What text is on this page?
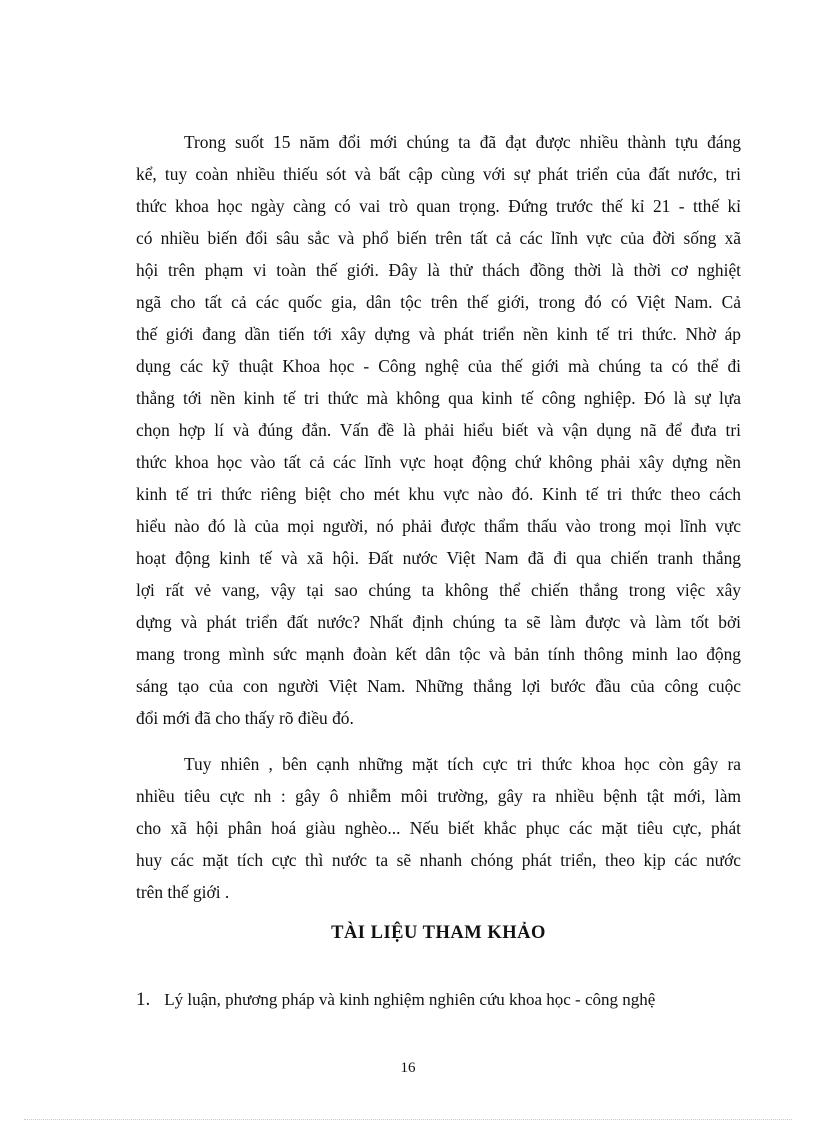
Trong suốt 15 năm đổi mới chúng ta đã đạt được nhiều thành tựu đáng
kể, tuy coàn nhiều thiếu sót và bất cập cùng với sự phát triển của đất nước, tri
thức khoa học ngày càng có vai trò quan trọng. Đứng trước thế kỉ 21 - tthế kỉ
có nhiều biến đổi sâu sắc và phổ biến trên tất cả các lĩnh vực của đời sống xã
hội trên phạm vi toàn thế giới. Đây là thử thách đồng thời là thời cơ nghiệt
ngã cho tất cả các quốc gia, dân tộc trên thế giới, trong đó có Việt Nam. Cả
thế giới đang dần tiến tới xây dựng và phát triển nền kinh tế tri thức. Nhờ áp
dụng các kỹ thuật Khoa học - Công nghệ của thế giới mà chúng ta có thể đi
thẳng tới nền kinh tế tri thức mà không qua kinh tế công nghiệp. Đó là sự lựa
chọn hợp lí và đúng đắn. Vấn đề là phải hiểu biết và vận dụng nã để đưa tri
thức khoa học vào tất cả các lĩnh vực hoạt động chứ không phải xây dựng nền
kinh tế tri thức riêng biệt cho mét khu vực nào đó. Kinh tế tri thức theo cách
hiểu nào đó là của mọi người, nó phải được thẩm thấu vào trong mọi lĩnh vực
hoạt động kinh tế và xã hội. Đất nước Việt Nam đã đi qua chiến tranh thắng
lợi rất vẻ vang, vậy tại sao chúng ta không thể chiến thắng trong việc xây
dựng và phát triển đất nước? Nhất định chúng ta sẽ làm được và làm tốt bởi
mang trong mình sức mạnh đoàn kết dân tộc và bản tính thông minh lao động
sáng tạo của con người Việt Nam. Những thắng lợi bước đầu của công cuộc
đổi mới đã cho thấy rõ điều đó.
Tuy nhiên , bên cạnh những mặt tích cực tri thức khoa học còn gây ra
nhiều tiêu cực nh : gây ô nhiễm môi trường, gây ra nhiều bệnh tật mới, làm
cho xã hội phân hoá giàu nghèo... Nếu biết khắc phục các mặt tiêu cực, phát
huy các mặt tích cực thì nước ta sẽ nhanh chóng phát triển, theo kịp các nước
trên thế giới .
TÀI LIỆU THAM KHẢO
1. Lý luận, phương pháp và kinh nghiệm nghiên cứu khoa học - công nghệ
16
